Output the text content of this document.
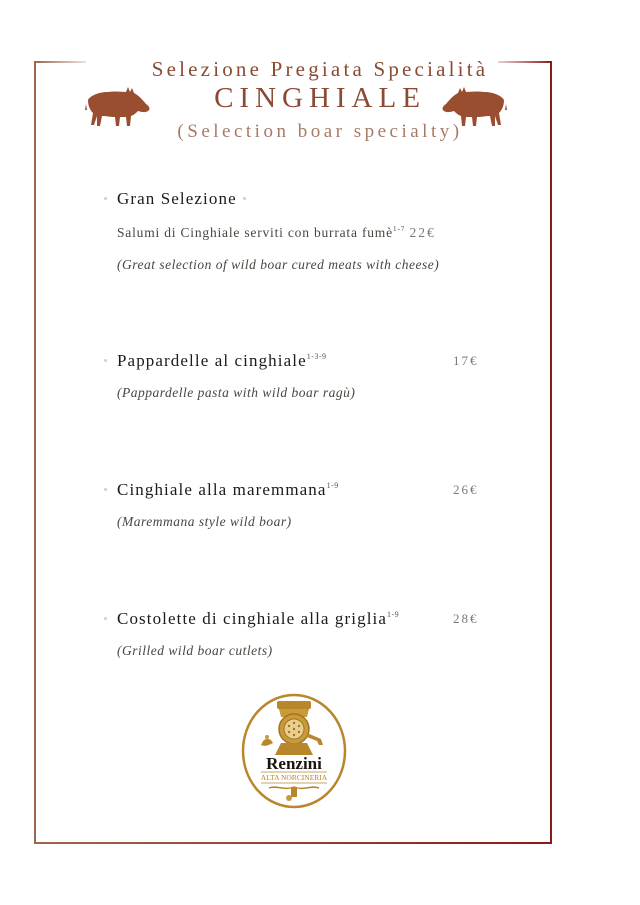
Selezione Pregiata Specialità
CINGHIALE
(Selection boar specialty)
Gran Selezione
Salumi di Cinghiale serviti con burrata fumè$^{1-7}$ 22€
(Great selection of wild boar cured meats with cheese)
Pappardelle al cinghiale$^{1-3-9}$	17€
(Pappardelle pasta with wild boar ragù)
Cinghiale alla maremmana$^{1-9}$	26€
(Maremmana style wild boar)
Costolette di cinghiale alla griglia$^{1-9}$	28€
(Grilled wild boar cutlets)
Renzini
ALTA NORCINERIA
